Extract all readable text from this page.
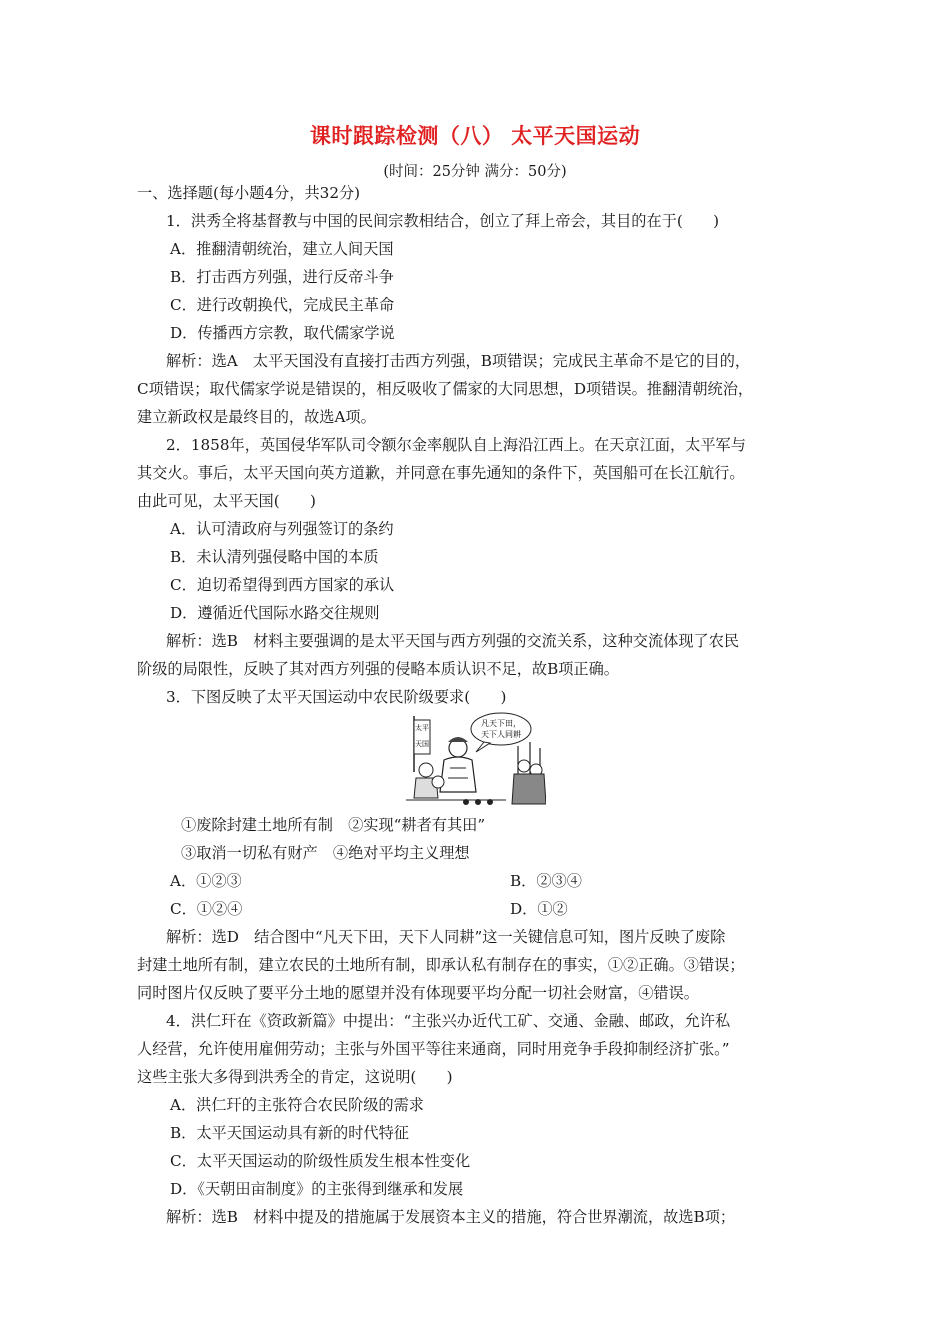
课时跟踪检测（八） 太平天国运动
(时间：25分钟 满分：50分)
一、选择题(每小题4分，共32分)
1．洪秀全将基督教与中国的民间宗教相结合，创立了拜上帝会，其目的在于(　　)
A．推翻清朝统治，建立人间天国
B．打击西方列强，进行反帝斗争
C．进行改朝换代，完成民主革命
D．传播西方宗教，取代儒家学说
解析：选A　太平天国没有直接打击西方列强，B项错误；完成民主革命不是它的目的，
C项错误；取代儒家学说是错误的，相反吸收了儒家的大同思想，D项错误。推翻清朝统治，
建立新政权是最终目的，故选A项。
2．1858年，英国侵华军队司令额尔金率舰队自上海沿江西上。在天京江面，太平军与
其交火。事后，太平天国向英方道歉，并同意在事先通知的条件下，英国船可在长江航行。
由此可见，太平天国(　　)
A．认可清政府与列强签订的条约
B．未认清列强侵略中国的本质
C．迫切希望得到西方国家的承认
D．遵循近代国际水路交往规则
解析：选B　材料主要强调的是太平天国与西方列强的交流关系，这种交流体现了农民
阶级的局限性，反映了其对西方列强的侵略本质认识不足，故B项正确。
3．下图反映了太平天国运动中农民阶级要求(　　)
凡天下田，
天下人同耕
太平
天国
①废除封建土地所有制　②实现“耕者有其田”
③取消一切私有财产　④绝对平均主义理想
A．①②③	B．②③④
C．①②④	D．①②
解析：选D　结合图中“凡天下田，天下人同耕”这一关键信息可知，图片反映了废除
封建土地所有制，建立农民的土地所有制，即承认私有制存在的事实，①②正确。③错误；
同时图片仅反映了要平分土地的愿望并没有体现要平均分配一切社会财富，④错误。
4．洪仁玕在《资政新篇》中提出：“主张兴办近代工矿、交通、金融、邮政，允许私
人经营，允许使用雇佣劳动；主张与外国平等往来通商，同时用竞争手段抑制经济扩张。”
这些主张大多得到洪秀全的肯定，这说明(　　)
A．洪仁玕的主张符合农民阶级的需求
B．太平天国运动具有新的时代特征
C．太平天国运动的阶级性质发生根本性变化
D．《天朝田亩制度》的主张得到继承和发展
解析：选B　材料中提及的措施属于发展资本主义的措施，符合世界潮流，故选B项；
